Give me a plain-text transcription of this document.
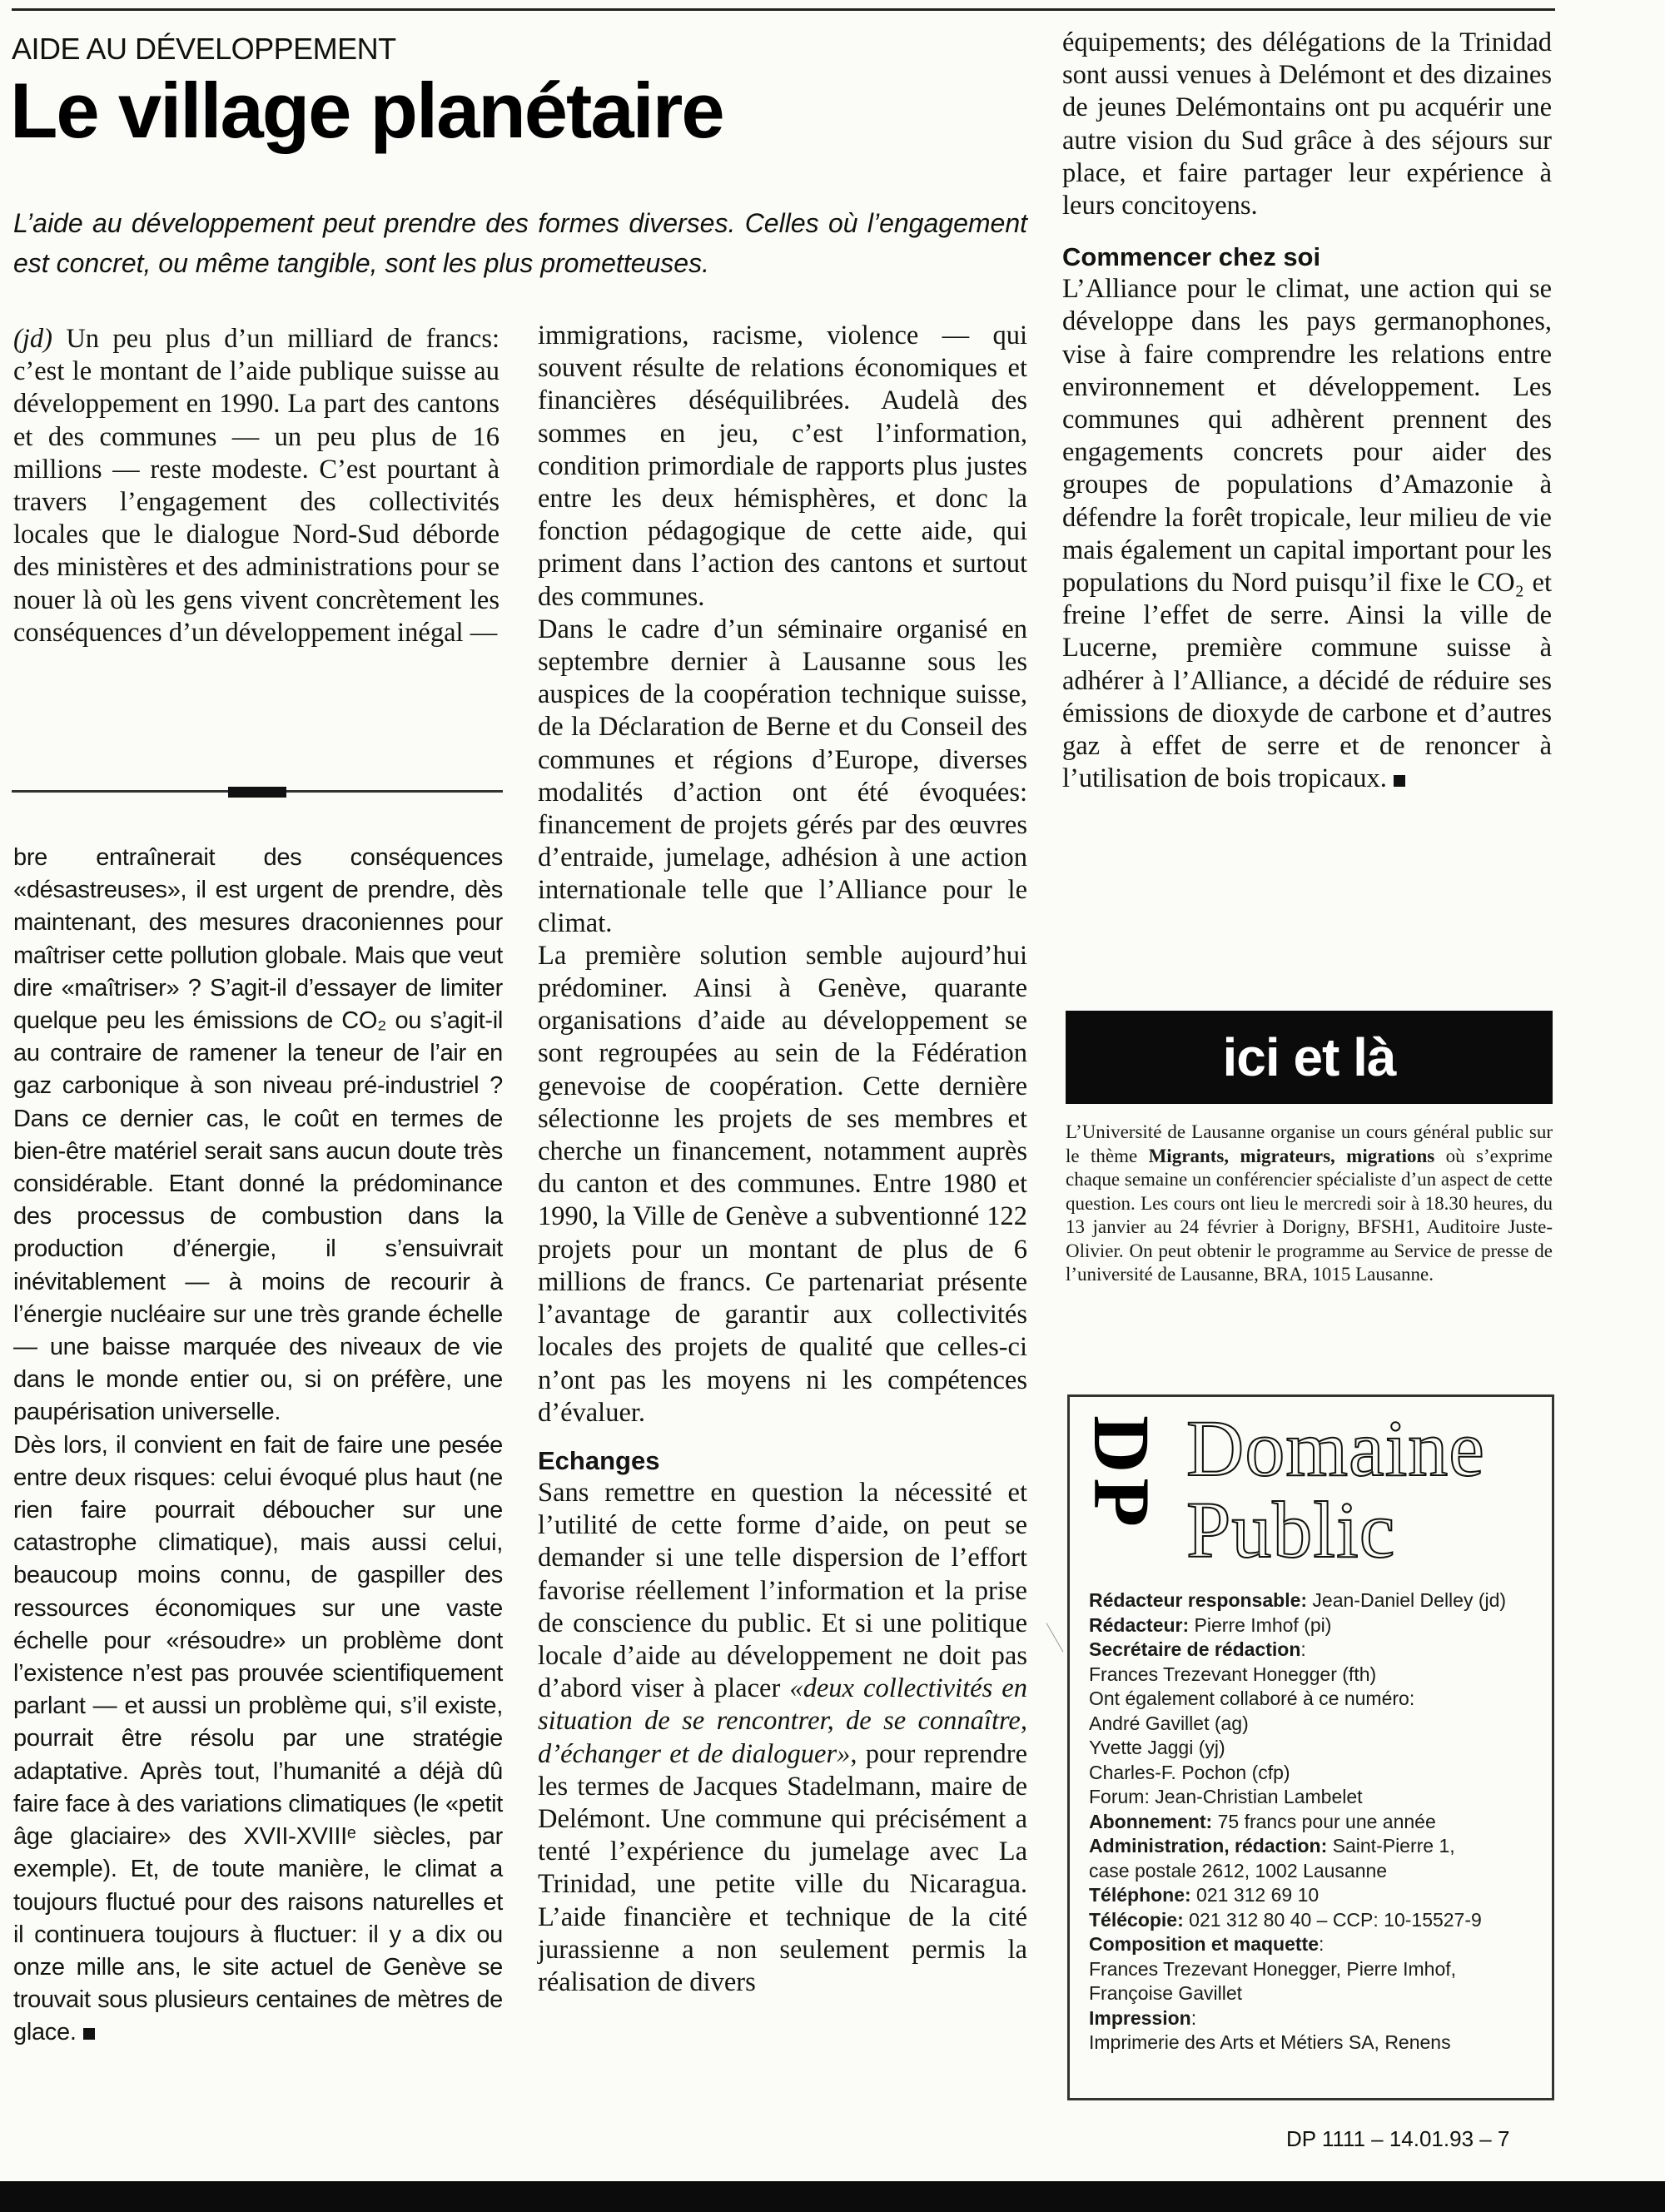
AIDE AU DÉVELOPPEMENT
Le village planétaire
L’aide au développement peut prendre des formes diverses. Celles où l’engagement est concret, ou même tangible, sont les plus prometteuses.

(jd) Un peu plus d’un milliard de francs: c’est le montant de l’aide publique suisse au développement en 1990. La part des cantons et des communes — un peu plus de 16 millions — reste modeste. C’est pourtant à travers l’engagement des collectivités locales que le dialogue Nord-Sud déborde des ministères et des administrations pour se nouer là où les gens vivent concrètement les conséquences d’un développement inégal —

bre entraînerait des conséquences «désastreuses», il est urgent de prendre, dès maintenant, des mesures draconiennes pour maîtriser cette pollution globale. Mais que veut dire «maîtriser» ? S’agit-il d’essayer de limiter quelque peu les émissions de CO₂ ou s’agit-il au contraire de ramener la teneur de l’air en gaz carbonique à son niveau pré-industriel ? Dans ce dernier cas, le coût en termes de bien-être matériel serait sans aucun doute très considérable. Etant donné la prédominance des processus de combustion dans la production d’énergie, il s’ensuivrait inévitablement — à moins de recourir à l’énergie nucléaire sur une très grande échelle — une baisse marquée des niveaux de vie dans le monde entier ou, si on préfère, une paupérisation universelle.

Dès lors, il convient en fait de faire une pesée entre deux risques: celui évoqué plus haut (ne rien faire pourrait déboucher sur une catastrophe climatique), mais aussi celui, beaucoup moins connu, de gaspiller des ressources économiques sur une vaste échelle pour «résoudre» un problème dont l’existence n’est pas prouvée scientifiquement parlant — et aussi un problème qui, s’il existe, pourrait être résolu par une stratégie adaptative. Après tout, l’humanité a déjà dû faire face à des variations climatiques (le «petit âge glaciaire» des XVII-XVIIIᵉ siècles, par exemple). Et, de toute manière, le climat a toujours fluctué pour des raisons naturelles et il continuera toujours à fluctuer: il y a dix ou onze mille ans, le site actuel de Genève se trouvait sous plusieurs centaines de mètres de glace.

immigrations, racisme, violence — qui souvent résulte de relations économiques et financières déséquilibrées. Audelà des sommes en jeu, c’est l’information, condition primordiale de rapports plus justes entre les deux hémisphères, et donc la fonction pédagogique de cette aide, qui priment dans l’action des cantons et surtout des communes.

Dans le cadre d’un séminaire organisé en septembre dernier à Lausanne sous les auspices de la coopération technique suisse, de la Déclaration de Berne et du Conseil des communes et régions d’Europe, diverses modalités d’action ont été évoquées: financement de projets gérés par des œuvres d’entraide, jumelage, adhésion à une action internationale telle que l’Alliance pour le climat.

La première solution semble aujourd’hui prédominer. Ainsi à Genève, quarante organisations d’aide au développement se sont regroupées au sein de la Fédération genevoise de coopération. Cette dernière sélectionne les projets de ses membres et cherche un financement, notamment auprès du canton et des communes. Entre 1980 et 1990, la Ville de Genève a subventionné 122 projets pour un montant de plus de 6 millions de francs. Ce partenariat présente l’avantage de garantir aux collectivités locales des projets de qualité que celles-ci n’ont pas les moyens ni les compétences d’évaluer.

Echanges

Sans remettre en question la nécessité et l’utilité de cette forme d’aide, on peut se demander si une telle dispersion de l’effort favorise réellement l’information et la prise de conscience du public. Et si une politique locale d’aide au développement ne doit pas d’abord viser à placer «deux collectivités en situation de se rencontrer, de se connaître, d’échanger et de dialoguer», pour reprendre les termes de Jacques Stadelmann, maire de Delémont. Une commune qui précisément a tenté l’expérience du jumelage avec La Trinidad, une petite ville du Nicaragua. L’aide financière et technique de la cité jurassienne a non seulement permis la réalisation de divers

équipements; des délégations de la Trinidad sont aussi venues à Delémont et des dizaines de jeunes Delémontains ont pu acquérir une autre vision du Sud grâce à des séjours sur place, et faire partager leur expérience à leurs concitoyens.

Commencer chez soi

L’Alliance pour le climat, une action qui se développe dans les pays germanophones, vise à faire comprendre les relations entre environnement et développement. Les communes qui adhèrent prennent des engagements concrets pour aider des groupes de populations d’Amazonie à défendre la forêt tropicale, leur milieu de vie mais également un capital important pour les populations du Nord puisqu’il fixe le CO₂ et freine l’effet de serre. Ainsi la ville de Lucerne, première commune suisse à adhérer à l’Alliance, a décidé de réduire ses émissions de dioxyde de carbone et d’autres gaz à effet de serre et de renoncer à l’utilisation de bois tropicaux.

ici et là
L’Université de Lausanne organise un cours général public sur le thème Migrants, migrateurs, migrations où s’exprime chaque semaine un conférencier spécialiste d’un aspect de cette question. Les cours ont lieu le mercredi soir à 18.30 heures, du 13 janvier au 24 février à Dorigny, BFSH1, Auditoire Juste-Olivier. On peut obtenir le programme au Service de presse de l’université de Lausanne, BRA, 1015 Lausanne.
DP Domaine
Public
Rédacteur responsable: Jean-Daniel Delley (jd)
Rédacteur: Pierre Imhof (pi)
Secrétaire de rédaction:
Frances Trezevant Honegger (fth)
Ont également collaboré à ce numéro:
André Gavillet (ag)
Yvette Jaggi (yj)
Charles-F. Pochon (cfp)
Forum: Jean-Christian Lambelet
Abonnement: 75 francs pour une année
Administration, rédaction: Saint-Pierre 1,
case postale 2612, 1002 Lausanne
Téléphone: 021 312 69 10
Télécopie: 021 312 80 40 – CCP: 10-15527-9
Composition et maquette:
Frances Trezevant Honegger, Pierre Imhof,
Françoise Gavillet
Impression:
Imprimerie des Arts et Métiers SA, Renens
DP 1111 – 14.01.93 – 7
